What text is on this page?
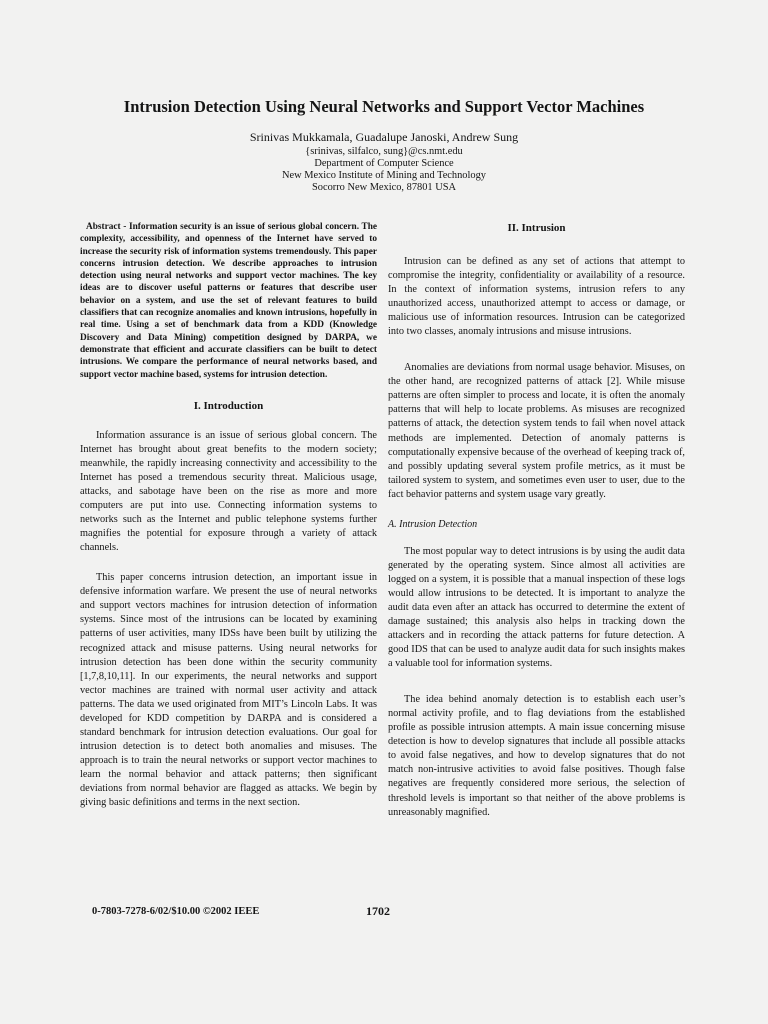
Intrusion Detection Using Neural Networks and Support Vector Machines
Srinivas Mukkamala, Guadalupe Janoski, Andrew Sung
{srinivas, silfalco, sung}@cs.nmt.edu
Department of Computer Science
New Mexico Institute of Mining and Technology
Socorro New Mexico, 87801 USA

Abstract - Information security is an issue of serious global concern. The complexity, accessibility, and openness of the Internet have served to increase the security risk of information systems tremendously. This paper concerns intrusion detection. We describe approaches to intrusion detection using neural networks and support vector machines. The key ideas are to discover useful patterns or features that describe user behavior on a system, and use the set of relevant features to build classifiers that can recognize anomalies and known intrusions, hopefully in real time. Using a set of benchmark data from a KDD (Knowledge Discovery and Data Mining) competition designed by DARPA, we demonstrate that efficient and accurate classifiers can be built to detect intrusions. We compare the performance of neural networks based, and support vector machine based, systems for intrusion detection.

I. Introduction

Information assurance is an issue of serious global concern. The Internet has brought about great benefits to the modern society; meanwhile, the rapidly increasing connectivity and accessibility to the Internet has posed a tremendous security threat. Malicious usage, attacks, and sabotage have been on the rise as more and more computers are put into use. Connecting information systems to networks such as the Internet and public telephone systems further magnifies the potential for exposure through a variety of attack channels.

This paper concerns intrusion detection, an important issue in defensive information warfare. We present the use of neural networks and support vectors machines for intrusion detection of information systems. Since most of the intrusions can be located by examining patterns of user activities, many IDSs have been built by utilizing the recognized attack and misuse patterns. Using neural networks for intrusion detection has been done within the security community [1,7,8,10,11]. In our experiments, the neural networks and support vector machines are trained with normal user activity and attack patterns. The data we used originated from MIT’s Lincoln Labs. It was developed for KDD competition by DARPA and is considered a standard benchmark for intrusion detection evaluations. Our goal for intrusion detection is to detect both anomalies and misuses. The approach is to train the neural networks or support vector machines to learn the normal behavior and attack patterns; then significant deviations from normal behavior are flagged as attacks. We begin by giving basic definitions and terms in the next section.

II. Intrusion

Intrusion can be defined as any set of actions that attempt to compromise the integrity, confidentiality or availability of a resource. In the context of information systems, intrusion refers to any unauthorized access, unauthorized attempt to access or damage, or malicious use of information resources. Intrusion can be categorized into two classes, anomaly intrusions and misuse intrusions.

Anomalies are deviations from normal usage behavior. Misuses, on the other hand, are recognized patterns of attack [2]. While misuse patterns are often simpler to process and locate, it is often the anomaly patterns that will help to locate problems. As misuses are recognized patterns of attack, the detection system tends to fail when novel attack methods are implemented. Detection of anomaly patterns is computationally expensive because of the overhead of keeping track of, and possibly updating several system profile metrics, as it must be tailored system to system, and sometimes even user to user, due to the fact behavior patterns and system usage vary greatly.

A. Intrusion Detection

The most popular way to detect intrusions is by using the audit data generated by the operating system. Since almost all activities are logged on a system, it is possible that a manual inspection of these logs would allow intrusions to be detected. It is important to analyze the audit data even after an attack has occurred to determine the extent of damage sustained; this analysis also helps in tracking down the attackers and in recording the attack patterns for future detection. A good IDS that can be used to analyze audit data for such insights makes a valuable tool for information systems.

The idea behind anomaly detection is to establish each user’s normal activity profile, and to flag deviations from the established profile as possible intrusion attempts. A main issue concerning misuse detection is how to develop signatures that include all possible attacks to avoid false negatives, and how to develop signatures that do not match non-intrusive activities to avoid false positives. Though false negatives are frequently considered more serious, the selection of threshold levels is important so that neither of the above problems is unreasonably magnified.

0-7803-7278-6/02/$10.00 ©2002 IEEE	1702
